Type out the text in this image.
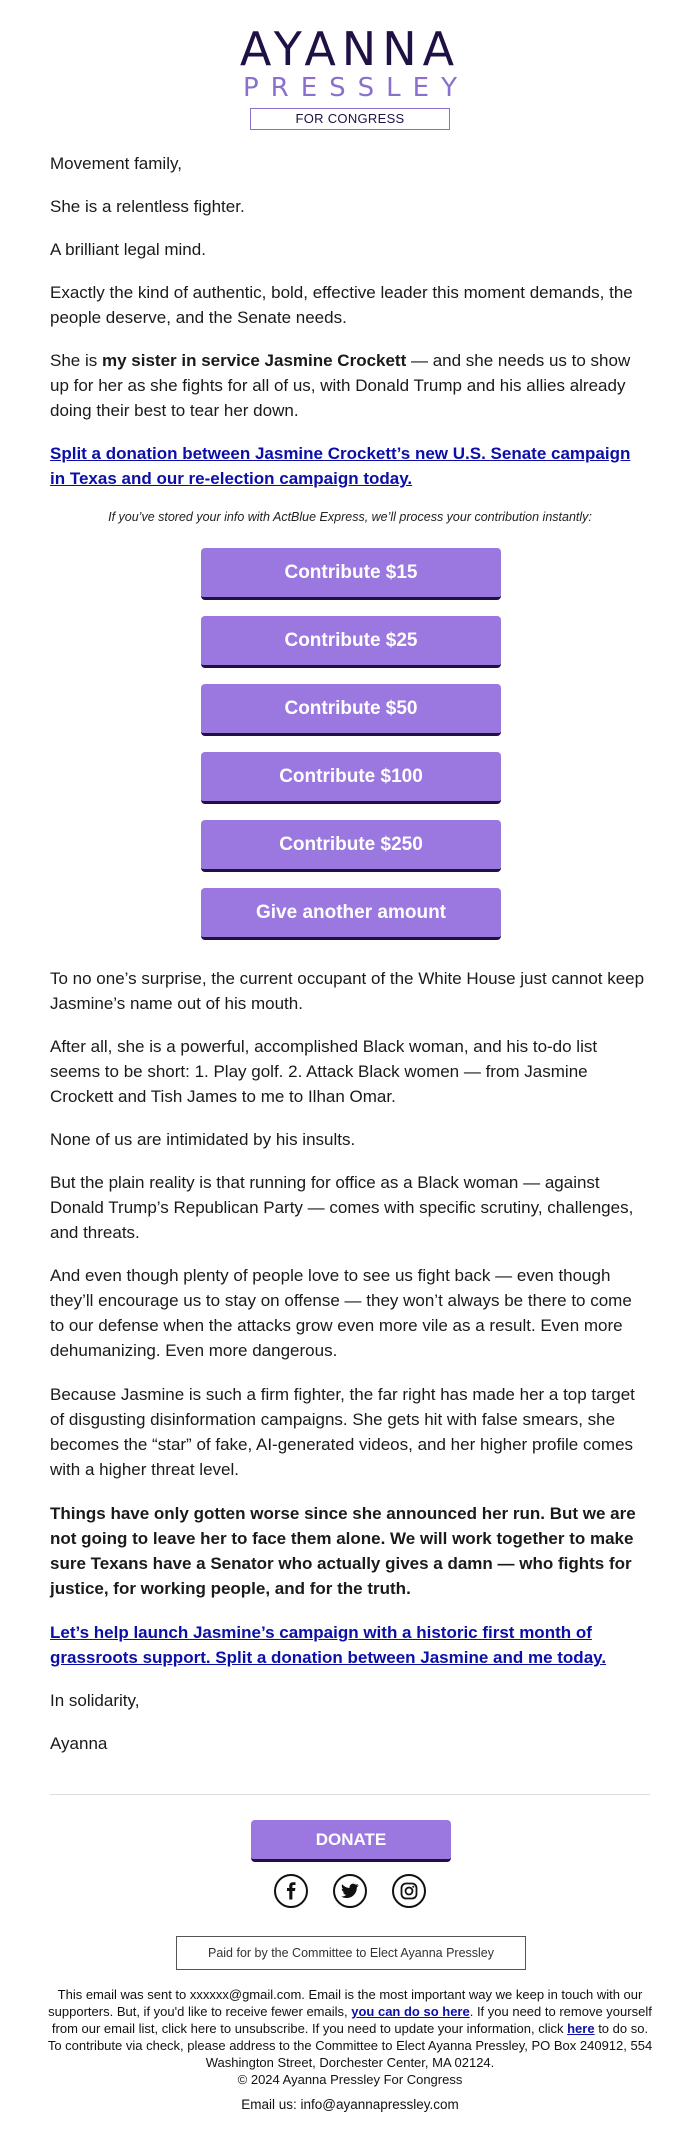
AYANNA
PRESSLEY
FOR CONGRESS

Movement family,

She is a relentless fighter.

A brilliant legal mind.

Exactly the kind of authentic, bold, effective leader this moment demands, the people deserve, and the Senate needs.

She is my sister in service Jasmine Crockett — and she needs us to show up for her as she fights for all of us, with Donald Trump and his allies already doing their best to tear her down.

Split a donation between Jasmine Crockett’s new U.S. Senate campaign in Texas and our re-election campaign today.

If you’ve stored your info with ActBlue Express, we’ll process your contribution instantly:
Contribute $15
Contribute $25
Contribute $50
Contribute $100
Contribute $250
Give another amount

To no one’s surprise, the current occupant of the White House just cannot keep Jasmine’s name out of his mouth.

After all, she is a powerful, accomplished Black woman, and his to-do list seems to be short: 1. Play golf. 2. Attack Black women — from Jasmine Crockett and Tish James to me to Ilhan Omar.

None of us are intimidated by his insults.

But the plain reality is that running for office as a Black woman — against Donald Trump’s Republican Party — comes with specific scrutiny, challenges, and threats.

And even though plenty of people love to see us fight back — even though they’ll encourage us to stay on offense — they won’t always be there to come to our defense when the attacks grow even more vile as a result. Even more dehumanizing. Even more dangerous.

Because Jasmine is such a firm fighter, the far right has made her a top target of disgusting disinformation campaigns. She gets hit with false smears, she becomes the “star” of fake, AI-generated videos, and her higher profile comes with a higher threat level.

Things have only gotten worse since she announced her run. But we are not going to leave her to face them alone. We will work together to make sure Texans have a Senator who actually gives a damn — who fights for justice, for working people, and for the truth.

Let’s help launch Jasmine’s campaign with a historic first month of grassroots support. Split a donation between Jasmine and me today.

In solidarity,

Ayanna

DONATE
Paid for by the Committee to Elect Ayanna Pressley
This email was sent to xxxxxx@gmail.com. Email is the most important way we keep in touch with our supporters. But, if you'd like to receive fewer emails, you can do so here. If you need to remove yourself from our email list, click here to unsubscribe. If you need to update your information, click here to do so. To contribute via check, please address to the Committee to Elect Ayanna Pressley, PO Box 240912, 554 Washington Street, Dorchester Center, MA 02124.
© 2024 Ayanna Pressley For Congress
Email us: info@ayannapressley.com
